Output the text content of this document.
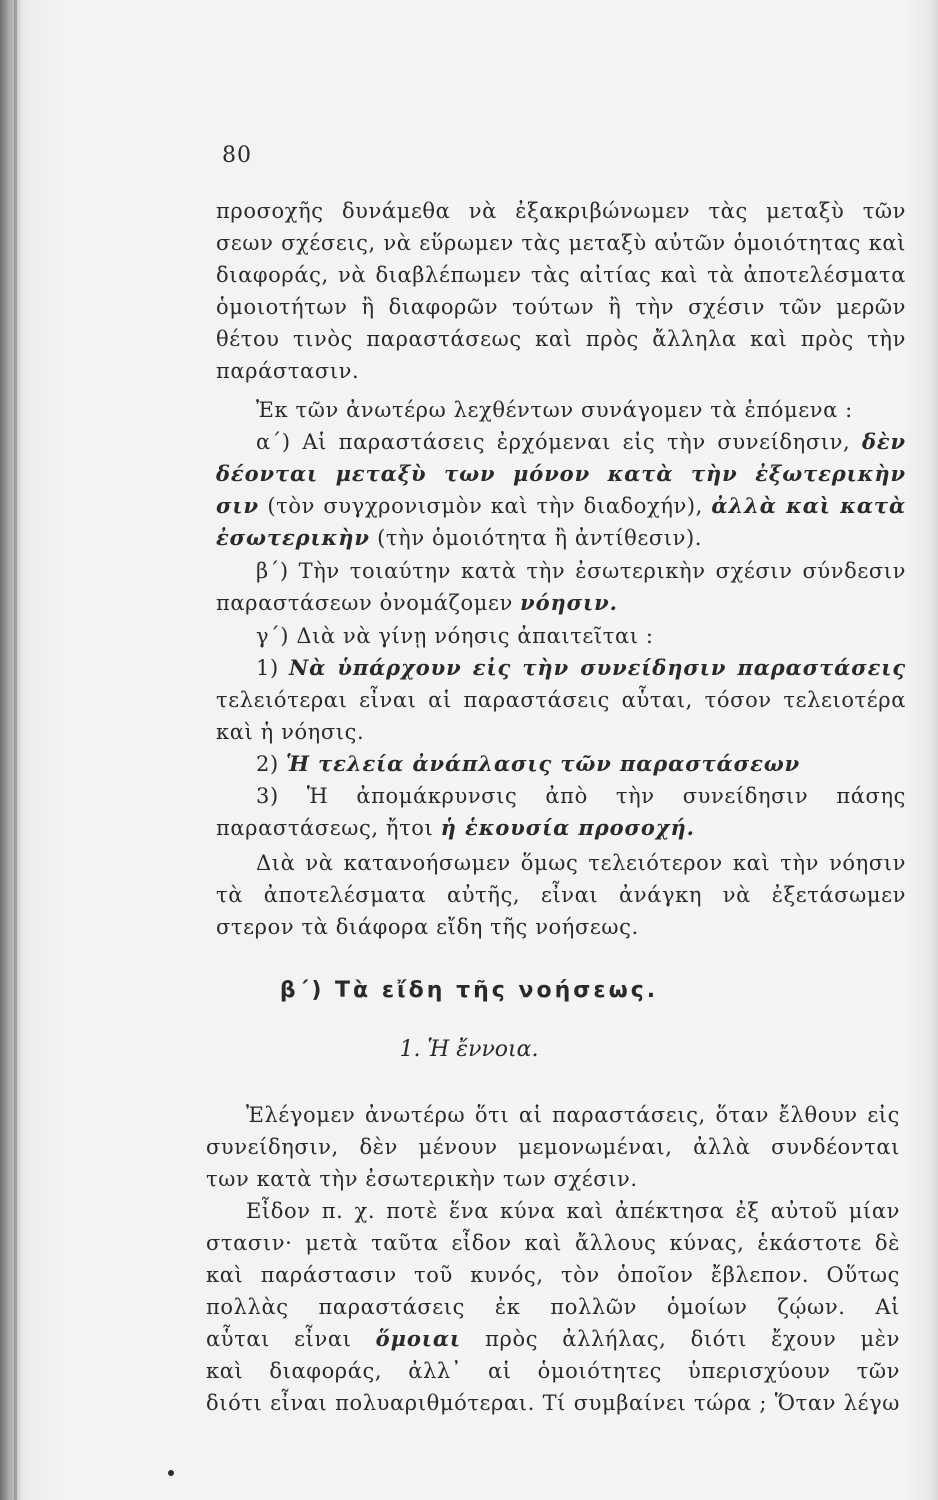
80
προσοχῆς δυνάμεθα νὰ ἐξακριβώνωμεν τὰς μεταξὺ τῶν
σεων σχέσεις, νὰ εὕρωμεν τὰς μεταξὺ αὐτῶν ὁμοιότητας καὶ
διαφοράς, νὰ διαβλέπωμεν τὰς αἰτίας καὶ τὰ ἀποτελέσματα
ὁμοιοτήτων ἢ διαφορῶν τούτων ἢ τὴν σχέσιν τῶν μερῶν
θέτου τινὸς παραστάσεως καὶ πρὸς ἄλληλα καὶ πρὸς τὴν
παράστασιν.
Ἐκ τῶν ἀνωτέρω λεχθέντων συνάγομεν τὰ ἑπόμενα :
α΄) Αἱ παραστάσεις ἐρχόμεναι εἰς τὴν συνείδησιν, δὲν
δέονται μεταξὺ των μόνον κατὰ τὴν ἐξωτερικὴν
σιν (τὸν συγχρονισμὸν καὶ τὴν διαδοχήν), ἀλλὰ καὶ κατὰ
ἐσωτερικὴν (τὴν ὁμοιότητα ἢ ἀντίθεσιν).
β΄) Τὴν τοιαύτην κατὰ τὴν ἐσωτερικὴν σχέσιν σύνδεσιν
παραστάσεων ὀνομάζομεν νόησιν.
γ΄) Διὰ νὰ γίνῃ νόησις ἀπαιτεῖται :
1) Νὰ ὑπάρχουν εἰς τὴν συνείδησιν παραστάσεις
τελειότεραι εἶναι αἱ παραστάσεις αὗται, τόσον τελειοτέρα
καὶ ἡ νόησις.
2) Ἡ τελεία ἀνάπλασις τῶν παραστάσεων
3) Ἡ ἀπομάκρυνσις ἀπὸ τὴν συνείδησιν πάσης
παραστάσεως, ἤτοι ἡ ἑκουσία προσοχή.
Διὰ νὰ κατανοήσωμεν ὅμως τελειότερον καὶ τὴν νόησιν
τὰ ἀποτελέσματα αὐτῆς, εἶναι ἀνάγκη νὰ ἐξετάσωμεν
στερον τὰ διάφορα εἴδη τῆς νοήσεως.
β΄) Τὰ εἴδη τῆς νοήσεως.
1. Ἡ ἔννοια.
Ἐλέγομεν ἀνωτέρω ὅτι αἱ παραστάσεις, ὅταν ἔλθουν εἰς
συνείδησιν, δὲν μένουν μεμονωμέναι, ἀλλὰ συνδέονται
των κατὰ τὴν ἐσωτερικὴν των σχέσιν.
Εἶδον π. χ. ποτὲ ἕνα κύνα καὶ ἀπέκτησα ἐξ αὐτοῦ μίαν
στασιν· μετὰ ταῦτα εἶδον καὶ ἄλλους κύνας, ἑκάστοτε δὲ
καὶ παράστασιν τοῦ κυνός, τὸν ὁποῖον ἔβλεπον. Οὕτως
πολλὰς παραστάσεις ἐκ πολλῶν ὁμοίων ζῴων. Αἱ
αὗται εἶναι ὅμοιαι πρὸς ἀλλήλας, διότι ἔχουν μὲν
καὶ διαφοράς, ἀλλ᾽ αἱ ὁμοιότητες ὑπερισχύουν τῶν
διότι εἶναι πολυαριθμότεραι. Τί συμβαίνει τώρα ; Ὅταν λέγω
